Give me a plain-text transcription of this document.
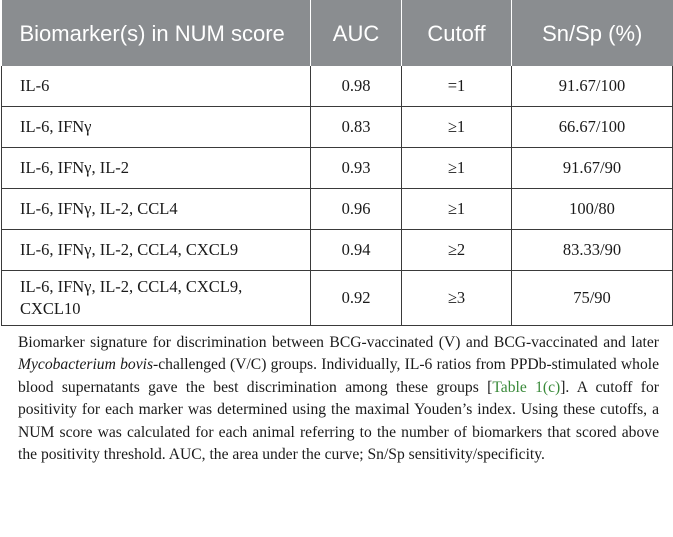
Biomarker(s) in NUM score	AUC	Cutoff	Sn/Sp (%)
IL-6	0.98	=1	91.67/100
IL-6, IFNγ	0.83	≥1	66.67/100
IL-6, IFNγ, IL-2	0.93	≥1	91.67/90
IL-6, IFNγ, IL-2, CCL4	0.96	≥1	100/80
IL-6, IFNγ, IL-2, CCL4, CXCL9	0.94	≥2	83.33/90
IL-6, IFNγ, IL-2, CCL4, CXCL9, CXCL10	0.92	≥3	75/90

Biomarker signature for discrimination between BCG-vaccinated (V) and BCG-vaccinated and later Mycobacterium bovis-challenged (V/C) groups. Individually, IL-6 ratios from PPDb-stimulated whole blood supernatants gave the best discrimination among these groups [Table 1(c)]. A cutoff for positivity for each marker was determined using the maximal Youden’s index. Using these cutoffs, a NUM score was calculated for each animal referring to the number of biomarkers that scored above the positivity threshold. AUC, the area under the curve; Sn/Sp sensitivity/specificity.
